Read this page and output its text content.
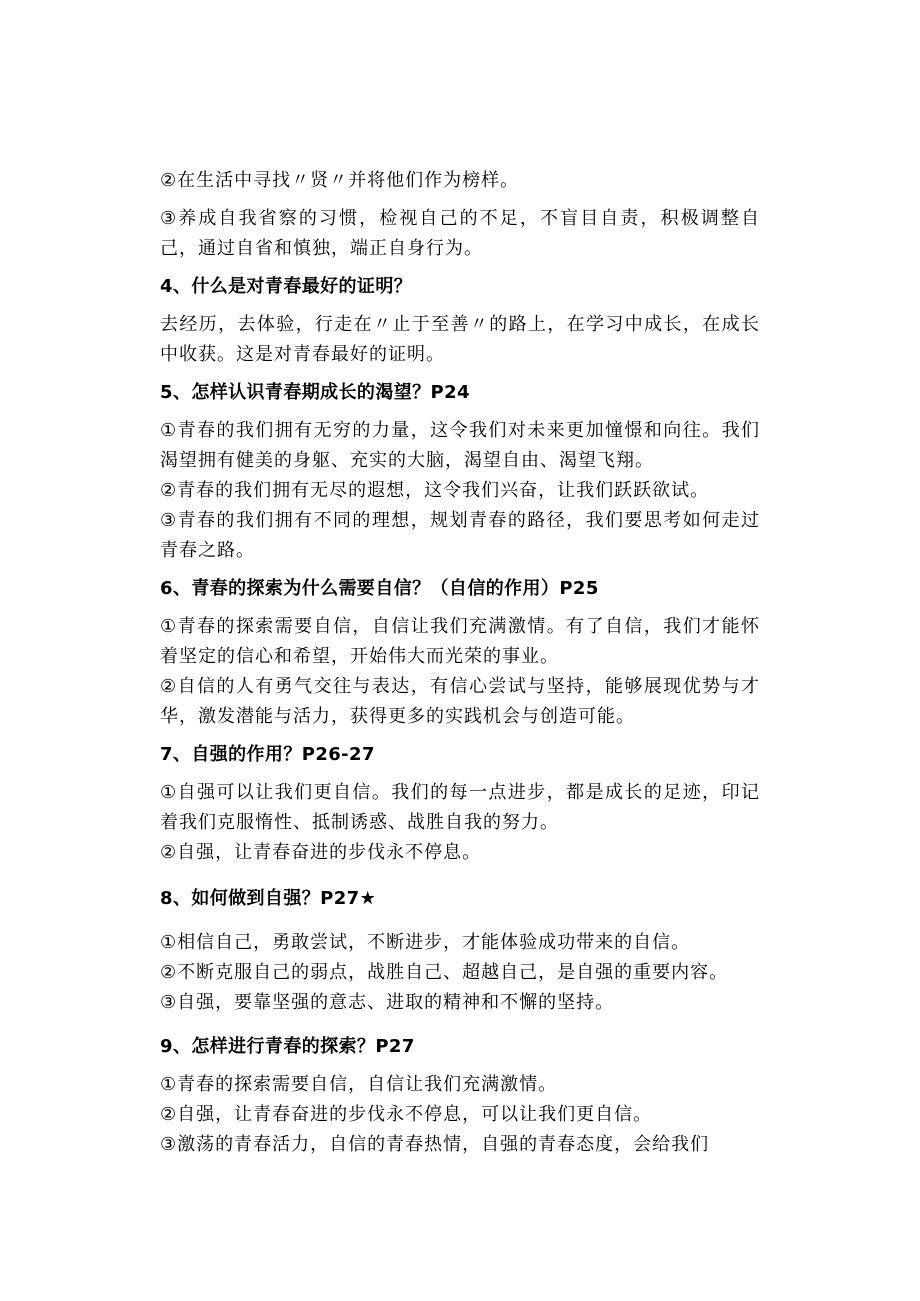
②在生活中寻找〃贤〃并将他们作为榜样。
③养成自我省察的习惯，检视自己的不足，不盲目自责，积极调整自己，通过自省和慎独，端正自身行为。
4、什么是对青春最好的证明？
去经历，去体验，行走在〃止于至善〃的路上，在学习中成长，在成长中收获。这是对青春最好的证明。
5、怎样认识青春期成长的渴望？P24
①青春的我们拥有无穷的力量，这令我们对未来更加憧憬和向往。我们渴望拥有健美的身躯、充实的大脑，渴望自由、渴望飞翔。
②青春的我们拥有无尽的遐想，这令我们兴奋，让我们跃跃欲试。
③青春的我们拥有不同的理想，规划青春的路径，我们要思考如何走过青春之路。
6、青春的探索为什么需要自信？（自信的作用）P25
①青春的探索需要自信，自信让我们充满激情。有了自信，我们才能怀着坚定的信心和希望，开始伟大而光荣的事业。
②自信的人有勇气交往与表达，有信心尝试与坚持，能够展现优势与才华，激发潜能与活力，获得更多的实践机会与创造可能。
7、自强的作用？P26-27
①自强可以让我们更自信。我们的每一点进步，都是成长的足迹，印记着我们克服惰性、抵制诱惑、战胜自我的努力。
②自强，让青春奋进的步伐永不停息。
8、如何做到自强？P27★
①相信自己，勇敢尝试，不断进步，才能体验成功带来的自信。
②不断克服自己的弱点，战胜自己、超越自己，是自强的重要内容。
③自强，要靠坚强的意志、进取的精神和不懈的坚持。
9、怎样进行青春的探索？P27
①青春的探索需要自信，自信让我们充满激情。
②自强，让青春奋进的步伐永不停息，可以让我们更自信。
③激荡的青春活力，自信的青春热情，自强的青春态度，会给我们
